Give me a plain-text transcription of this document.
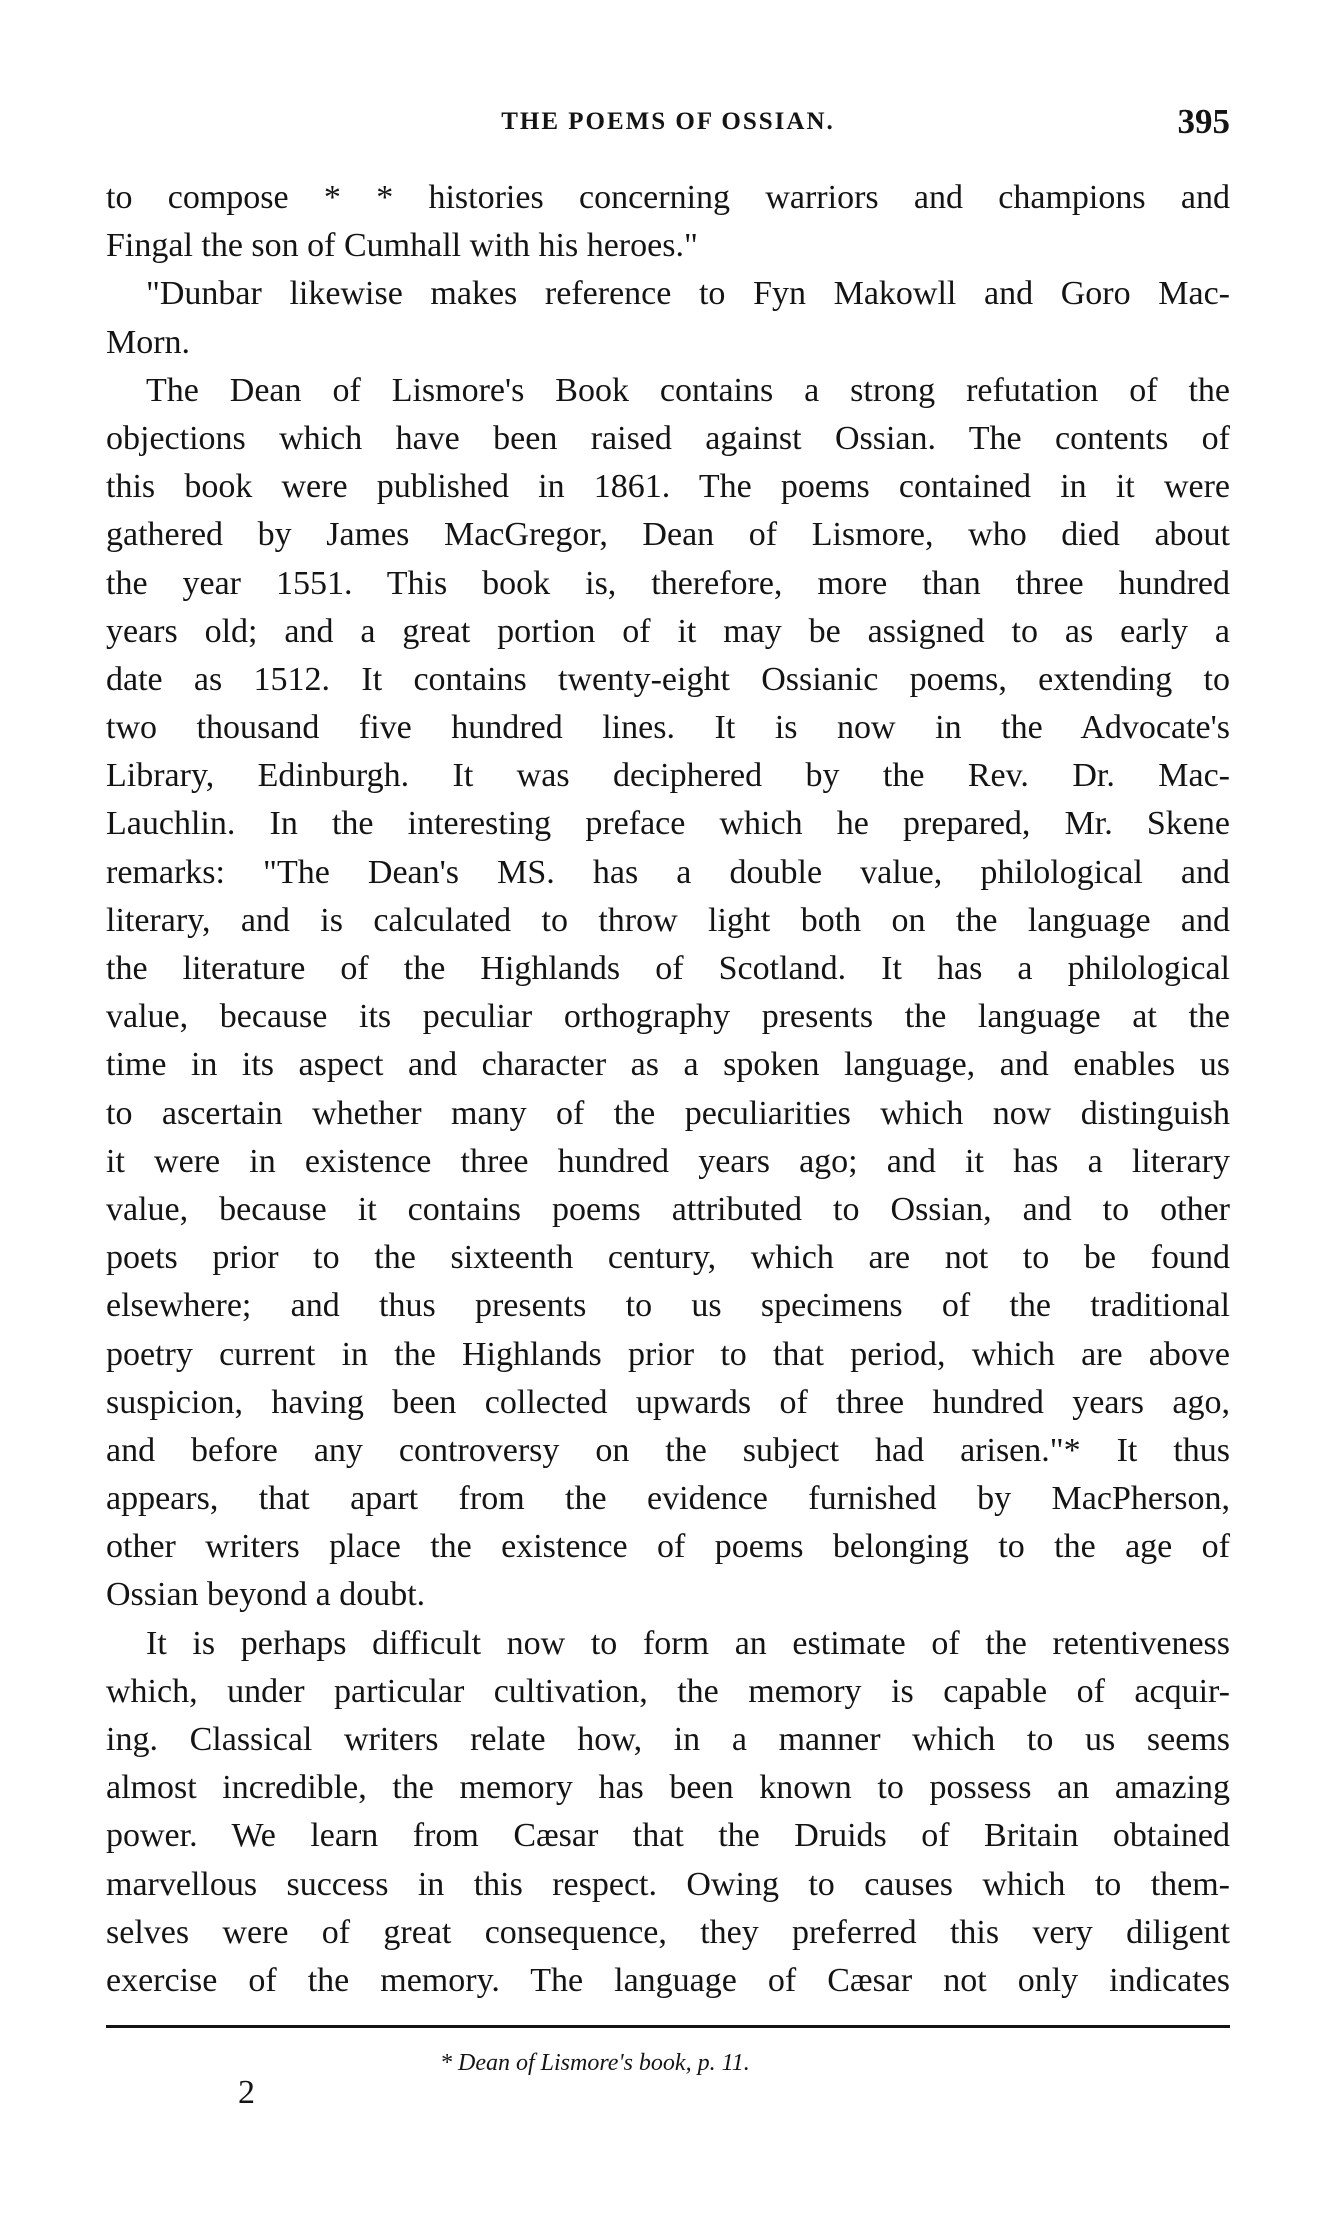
THE POEMS OF OSSIAN.	395
to compose * * histories concerning warriors and champions and
Fingal the son of Cumhall with his heroes."
"Dunbar likewise makes reference to Fyn Makowll and Goro Mac-
Morn.
The Dean of Lismore's Book contains a strong refutation of the
objections which have been raised against Ossian. The contents of
this book were published in 1861. The poems contained in it were
gathered by James MacGregor, Dean of Lismore, who died about
the year 1551. This book is, therefore, more than three hundred
years old; and a great portion of it may be assigned to as early a
date as 1512. It contains twenty-eight Ossianic poems, extending to
two thousand five hundred lines. It is now in the Advocate's
Library, Edinburgh. It was deciphered by the Rev. Dr. Mac-
Lauchlin. In the interesting preface which he prepared, Mr. Skene
remarks: "The Dean's MS. has a double value, philological and
literary, and is calculated to throw light both on the language and
the literature of the Highlands of Scotland. It has a philological
value, because its peculiar orthography presents the language at the
time in its aspect and character as a spoken language, and enables us
to ascertain whether many of the peculiarities which now distinguish
it were in existence three hundred years ago; and it has a literary
value, because it contains poems attributed to Ossian, and to other
poets prior to the sixteenth century, which are not to be found
elsewhere; and thus presents to us specimens of the traditional
poetry current in the Highlands prior to that period, which are above
suspicion, having been collected upwards of three hundred years ago,
and before any controversy on the subject had arisen."* It thus
appears, that apart from the evidence furnished by MacPherson,
other writers place the existence of poems belonging to the age of
Ossian beyond a doubt.
It is perhaps difficult now to form an estimate of the retentiveness
which, under particular cultivation, the memory is capable of acquir-
ing. Classical writers relate how, in a manner which to us seems
almost incredible, the memory has been known to possess an amazing
power. We learn from Cæsar that the Druids of Britain obtained
marvellous success in this respect. Owing to causes which to them-
selves were of great consequence, they preferred this very diligent
exercise of the memory. The language of Cæsar not only indicates
* Dean of Lismore's book, p. 11.
2
